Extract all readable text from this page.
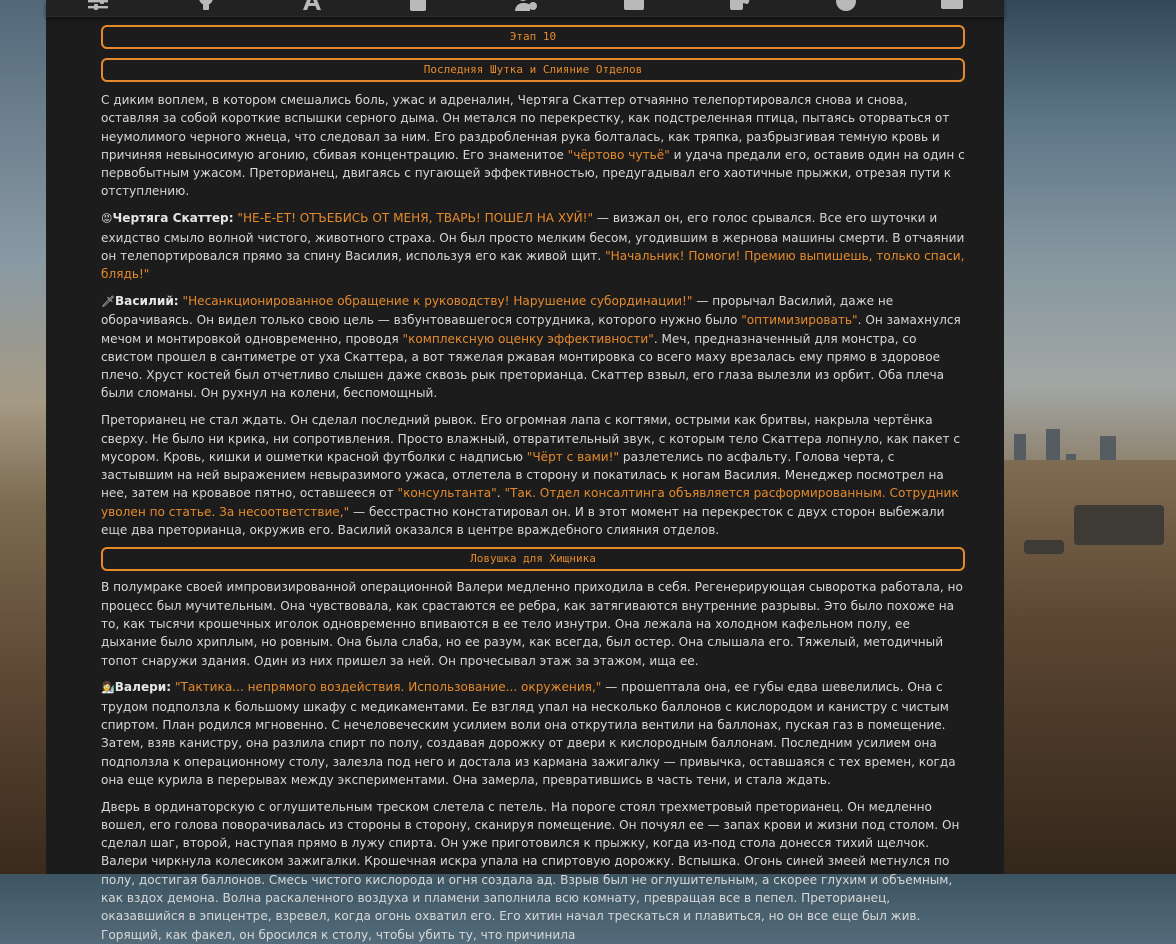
Этап 10
Последняя Шутка и Слияние Отделов

С диким воплем, в котором смешались боль, ужас и адреналин, Чертяга Скаттер отчаянно телепортировался снова и снова, оставляя за собой короткие вспышки серного дыма. Он метался по перекрестку, как подстреленная птица, пытаясь оторваться от неумолимого черного жнеца, что следовал за ним. Его раздробленная рука болталась, как тряпка, разбрызгивая темную кровь и причиняя невыносимую агонию, сбивая концентрацию. Его знаменитое "чёртово чутьё" и удача предали его, оставив один на один с первобытным ужасом. Преторианец, двигаясь с пугающей эффективностью, предугадывал его хаотичные прыжки, отрезая пути к отступлению.

😡Чертяга Скаттер: "НЕ-Е-ЕТ! ОТЪЕБИСЬ ОТ МЕНЯ, ТВАРЬ! ПОШЕЛ НА ХУЙ!" — визжал он, его голос срывался. Все его шуточки и ехидство смыло волной чистого, животного страха. Он был просто мелким бесом, угодившим в жернова машины смерти. В отчаянии он телепортировался прямо за спину Василия, используя его как живой щит. "Начальник! Помоги! Премию выпишешь, только спаси, блядь!"

🗡Василий: "Несанкционированное обращение к руководству! Нарушение субординации!" — прорычал Василий, даже не оборачиваясь. Он видел только свою цель — взбунтовавшегося сотрудника, которого нужно было "оптимизировать". Он замахнулся мечом и монтировкой одновременно, проводя "комплексную оценку эффективности". Меч, предназначенный для монстра, со свистом прошел в сантиметре от уха Скаттера, а вот тяжелая ржавая монтировка со всего маху врезалась ему прямо в здоровое плечо. Хруст костей был отчетливо слышен даже сквозь рык преторианца. Скаттер взвыл, его глаза вылезли из орбит. Оба плеча были сломаны. Он рухнул на колени, беспомощный.

Преторианец не стал ждать. Он сделал последний рывок. Его огромная лапа с когтями, острыми как бритвы, накрыла чертёнка сверху. Не было ни крика, ни сопротивления. Просто влажный, отвратительный звук, с которым тело Скаттера лопнуло, как пакет с мусором. Кровь, кишки и ошметки красной футболки с надписью "Чёрт с вами!" разлетелись по асфальту. Голова черта, с застывшим на ней выражением невыразимого ужаса, отлетела в сторону и покатилась к ногам Василия. Менеджер посмотрел на нее, затем на кровавое пятно, оставшееся от "консультанта". "Так. Отдел консалтинга объявляется расформированным. Сотрудник уволен по статье. За несоответствие," — бесстрастно констатировал он. И в этот момент на перекресток с двух сторон выбежали еще два преторианца, окружив его. Василий оказался в центре враждебного слияния отделов.

Ловушка для Хищника

В полумраке своей импровизированной операционной Валери медленно приходила в себя. Регенерирующая сыворотка работала, но процесс был мучительным. Она чувствовала, как срастаются ее ребра, как затягиваются внутренние разрывы. Это было похоже на то, как тысячи крошечных иголок одновременно впиваются в ее тело изнутри. Она лежала на холодном кафельном полу, ее дыхание было хриплым, но ровным. Она была слаба, но ее разум, как всегда, был остер. Она слышала его. Тяжелый, методичный топот снаружи здания. Один из них пришел за ней. Он прочесывал этаж за этажом, ища ее.

👩‍🔬Валери: "Тактика... непрямого воздействия. Использование... окружения," — прошептала она, ее губы едва шевелились. Она с трудом подползла к большому шкафу с медикаментами. Ее взгляд упал на несколько баллонов с кислородом и канистру с чистым спиртом. План родился мгновенно. С нечеловеческим усилием воли она открутила вентили на баллонах, пуская газ в помещение. Затем, взяв канистру, она разлила спирт по полу, создавая дорожку от двери к кислородным баллонам. Последним усилием она подползла к операционному столу, залезла под него и достала из кармана зажигалку — привычка, оставшаяся с тех времен, когда она еще курила в перерывах между экспериментами. Она замерла, превратившись в часть тени, и стала ждать.

Дверь в ординаторскую с оглушительным треском слетела с петель. На пороге стоял трехметровый преторианец. Он медленно вошел, его голова поворачивалась из стороны в сторону, сканируя помещение. Он почуял ее — запах крови и жизни под столом. Он сделал шаг, второй, наступая прямо в лужу спирта. Он уже приготовился к прыжку, когда из-под стола донесся тихий щелчок. Валери чиркнула колесиком зажигалки. Крошечная искра упала на спиртовую дорожку. Вспышка. Огонь синей змеей метнулся по полу, достигая баллонов. Смесь чистого кислорода и огня создала ад. Взрыв был не оглушительным, а скорее глухим и объемным, как вздох демона. Волна раскаленного воздуха и пламени заполнила всю комнату, превращая все в пепел. Преторианец, оказавшийся в эпицентре, взревел, когда огонь охватил его. Его хитин начал трескаться и плавиться, но он все еще был жив. Горящий, как факел, он бросился к столу, чтобы убить ту, что причинила
